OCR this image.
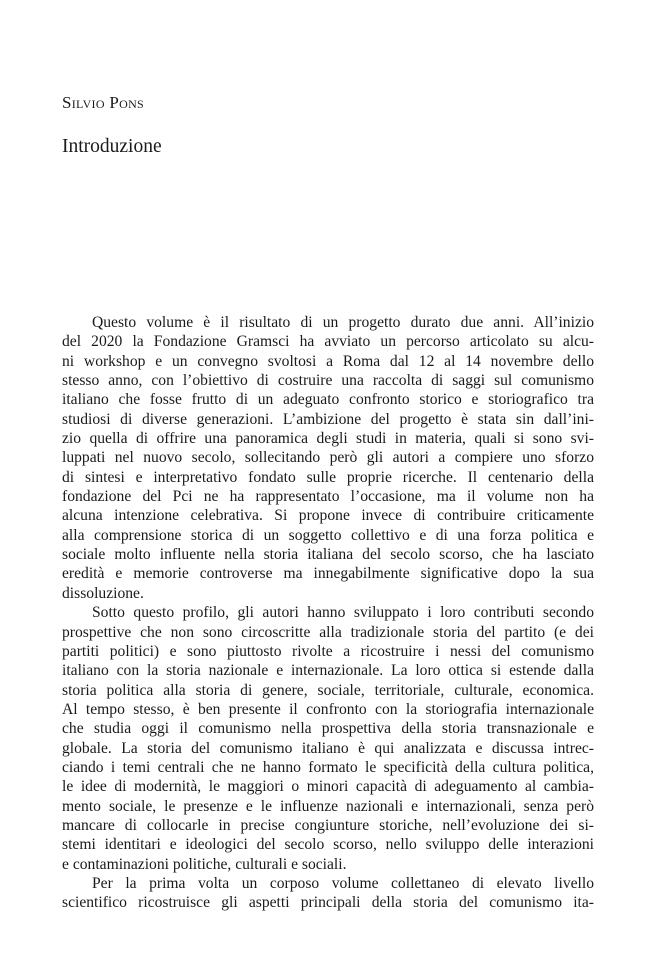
Silvio Pons

Introduzione
Questo volume è il risultato di un progetto durato due anni. All’inizio
del 2020 la Fondazione Gramsci ha avviato un percorso articolato su alcu-
ni workshop e un convegno svoltosi a Roma dal 12 al 14 novembre dello
stesso anno, con l’obiettivo di costruire una raccolta di saggi sul comunismo
italiano che fosse frutto di un adeguato confronto storico e storiografico tra
studiosi di diverse generazioni. L’ambizione del progetto è stata sin dall’ini-
zio quella di offrire una panoramica degli studi in materia, quali si sono svi-
luppati nel nuovo secolo, sollecitando però gli autori a compiere uno sforzo
di sintesi e interpretativo fondato sulle proprie ricerche. Il centenario della
fondazione del Pci ne ha rappresentato l’occasione, ma il volume non ha
alcuna intenzione celebrativa. Si propone invece di contribuire criticamente
alla comprensione storica di un soggetto collettivo e di una forza politica e
sociale molto influente nella storia italiana del secolo scorso, che ha lasciato
eredità e memorie controverse ma innegabilmente significative dopo la sua
dissoluzione.
Sotto questo profilo, gli autori hanno sviluppato i loro contributi secondo
prospettive che non sono circoscritte alla tradizionale storia del partito (e dei
partiti politici) e sono piuttosto rivolte a ricostruire i nessi del comunismo
italiano con la storia nazionale e internazionale. La loro ottica si estende dalla
storia politica alla storia di genere, sociale, territoriale, culturale, economica.
Al tempo stesso, è ben presente il confronto con la storiografia internazionale
che studia oggi il comunismo nella prospettiva della storia transnazionale e
globale. La storia del comunismo italiano è qui analizzata e discussa intrec-
ciando i temi centrali che ne hanno formato le specificità della cultura politica,
le idee di modernità, le maggiori o minori capacità di adeguamento al cambia-
mento sociale, le presenze e le influenze nazionali e internazionali, senza però
mancare di collocarle in precise congiunture storiche, nell’evoluzione dei si-
stemi identitari e ideologici del secolo scorso, nello sviluppo delle interazioni
e contaminazioni politiche, culturali e sociali.
Per la prima volta un corposo volume collettaneo di elevato livello
scientifico ricostruisce gli aspetti principali della storia del comunismo ita-
